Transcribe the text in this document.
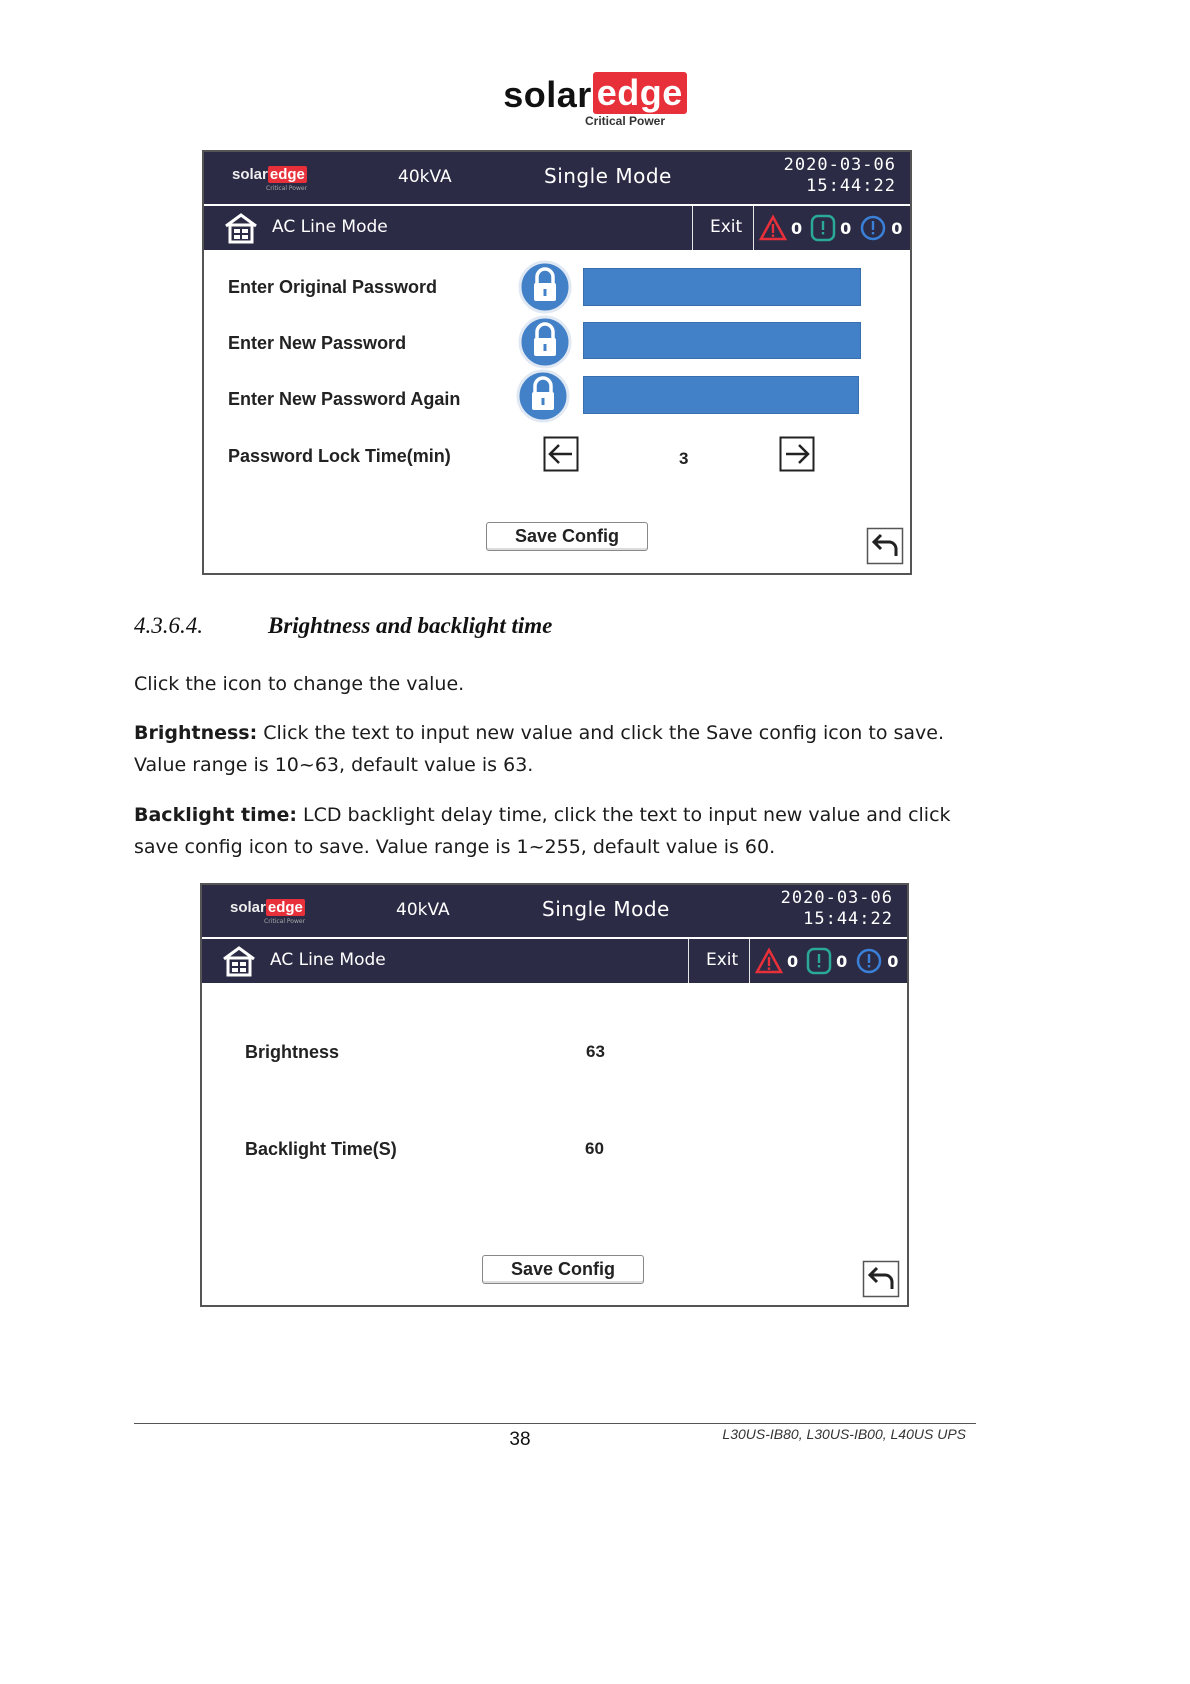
solar edge
Critical Power
solar edge
Critical Power
40kVA	Single Mode	2020-03-06
15:44:22
AC Line Mode	Exit	0 0	0
Enter Original Password
Enter New Password
Enter New Password Again
Password Lock Time(min)	3
Save Config
4.3.6.4.	Brightness and backlight time
Click the icon to change the value.
Brightness: Click the text to input new value and click the Save config icon to save. Value range is 10~63, default value is 63.
Backlight time: LCD backlight delay time, click the text to input new value and click save config icon to save. Value range is 1~255, default value is 60.
solar edge
Critical Power
40kVA	Single Mode	2020-03-06
15:44:22
AC Line Mode	Exit	0 0	0
Brightness	63
Backlight Time(S)	60
Save Config
38	L30US-IB80, L30US-IB00, L40US UPS
